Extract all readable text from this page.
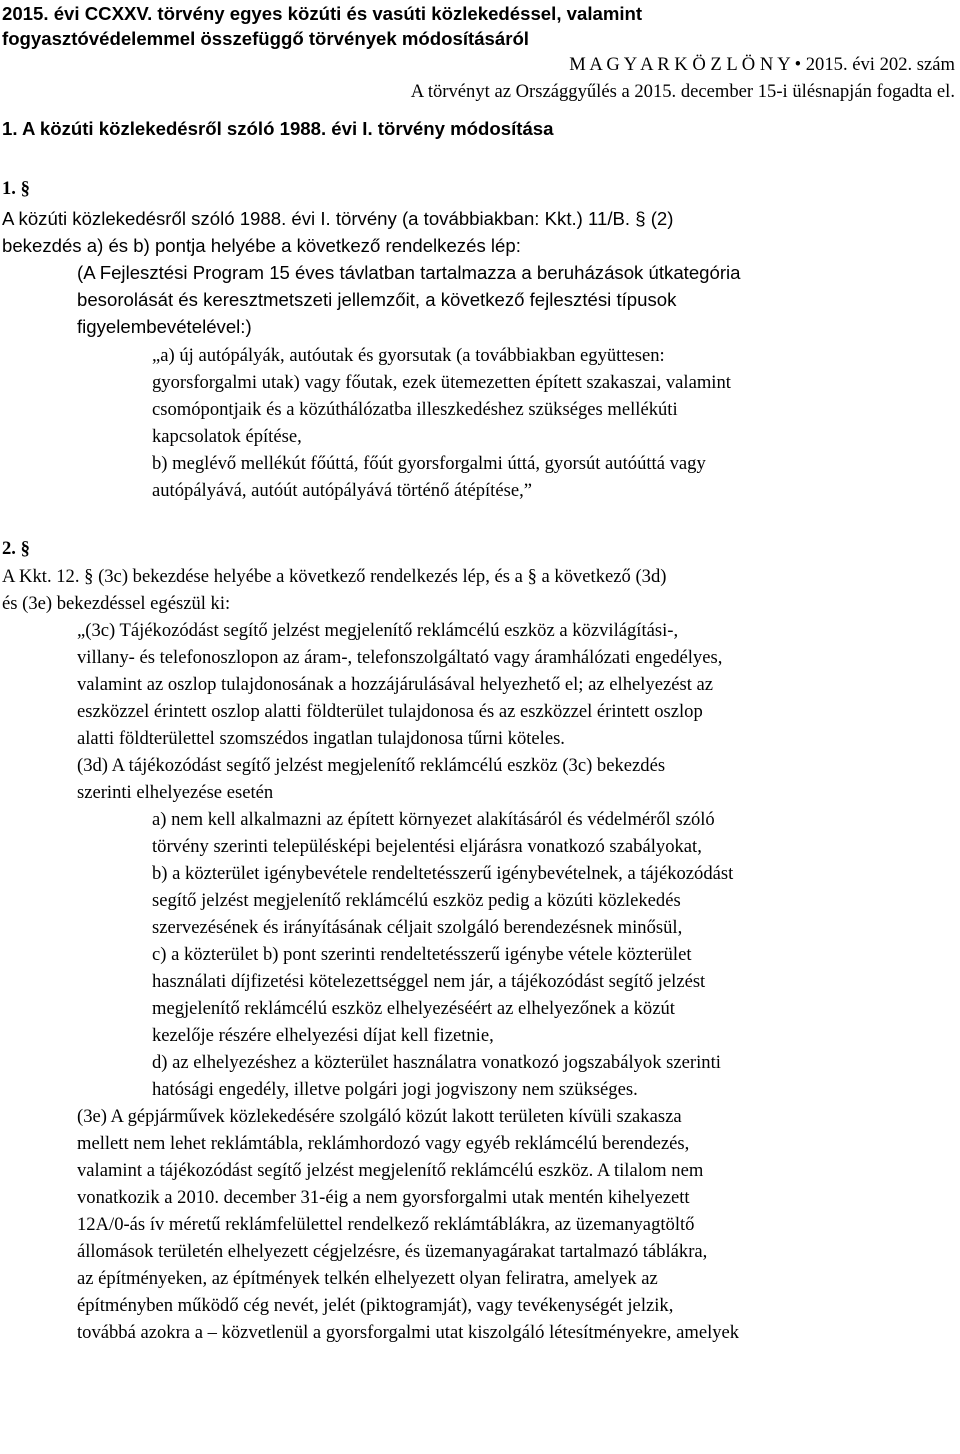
2015. évi CCXXV. törvény egyes közúti és vasúti közlekedéssel, valamint
fogyasztóvédelemmel összefüggő törvények módosításáról
M A G Y A R K Ö Z L Ö N Y • 2015. évi 202. szám
A törvényt az Országgyűlés a 2015. december 15-i ülésnapján fogadta el.
1. A közúti közlekedésről szóló 1988. évi I. törvény módosítása
1. §
A közúti közlekedésről szóló 1988. évi I. törvény (a továbbiakban: Kkt.) 11/B. § (2)
bekezdés a) és b) pontja helyébe a következő rendelkezés lép:
(A Fejlesztési Program 15 éves távlatban tartalmazza a beruházások útkategória
besorolását és keresztmetszeti jellemzőit, a következő fejlesztési típusok
figyelembevételével:)
„a) új autópályák, autóutak és gyorsutak (a továbbiakban együttesen:
gyorsforgalmi utak) vagy főutak, ezek ütemezetten épített szakaszai, valamint
csomópontjaik és a közúthálózatba illeszkedéshez szükséges mellékúti
kapcsolatok építése,
b) meglévő mellékút főúttá, főút gyorsforgalmi úttá, gyorsút autóúttá vagy
autópályává, autóút autópályává történő átépítése,”
2. §
A Kkt. 12. § (3c) bekezdése helyébe a következő rendelkezés lép, és a § a következő (3d)
és (3e) bekezdéssel egészül ki:
„(3c) Tájékozódást segítő jelzést megjelenítő reklámcélú eszköz a közvilágítási-,
villany- és telefonoszlopon az áram-, telefonszolgáltató vagy áramhálózati engedélyes,
valamint az oszlop tulajdonosának a hozzájárulásával helyezhető el; az elhelyezést az
eszközzel érintett oszlop alatti földterület tulajdonosa és az eszközzel érintett oszlop
alatti földterülettel szomszédos ingatlan tulajdonosa tűrni köteles.
(3d) A tájékozódást segítő jelzést megjelenítő reklámcélú eszköz (3c) bekezdés
szerinti elhelyezése esetén
a) nem kell alkalmazni az épített környezet alakításáról és védelméről szóló
törvény szerinti településképi bejelentési eljárásra vonatkozó szabályokat,
b) a közterület igénybevétele rendeltetésszerű igénybevételnek, a tájékozódást
segítő jelzést megjelenítő reklámcélú eszköz pedig a közúti közlekedés
szervezésének és irányításának céljait szolgáló berendezésnek minősül,
c) a közterület b) pont szerinti rendeltetésszerű igénybe vétele közterület
használati díjfizetési kötelezettséggel nem jár, a tájékozódást segítő jelzést
megjelenítő reklámcélú eszköz elhelyezéséért az elhelyezőnek a közút
kezelője részére elhelyezési díjat kell fizetnie,
d) az elhelyezéshez a közterület használatra vonatkozó jogszabályok szerinti
hatósági engedély, illetve polgári jogi jogviszony nem szükséges.
(3e) A gépjárművek közlekedésére szolgáló közút lakott területen kívüli szakasza
mellett nem lehet reklámtábla, reklámhordozó vagy egyéb reklámcélú berendezés,
valamint a tájékozódást segítő jelzést megjelenítő reklámcélú eszköz. A tilalom nem
vonatkozik a 2010. december 31-éig a nem gyorsforgalmi utak mentén kihelyezett
12A/0-ás ív méretű reklámfelülettel rendelkező reklámtáblákra, az üzemanyagtöltő
állomások területén elhelyezett cégjelzésre, és üzemanyagárakat tartalmazó táblákra,
az építményeken, az építmények telkén elhelyezett olyan feliratra, amelyek az
építményben működő cég nevét, jelét (piktogramját), vagy tevékenységét jelzik,
továbbá azokra a – közvetlenül a gyorsforgalmi utat kiszolgáló létesítményekre, amelyek
